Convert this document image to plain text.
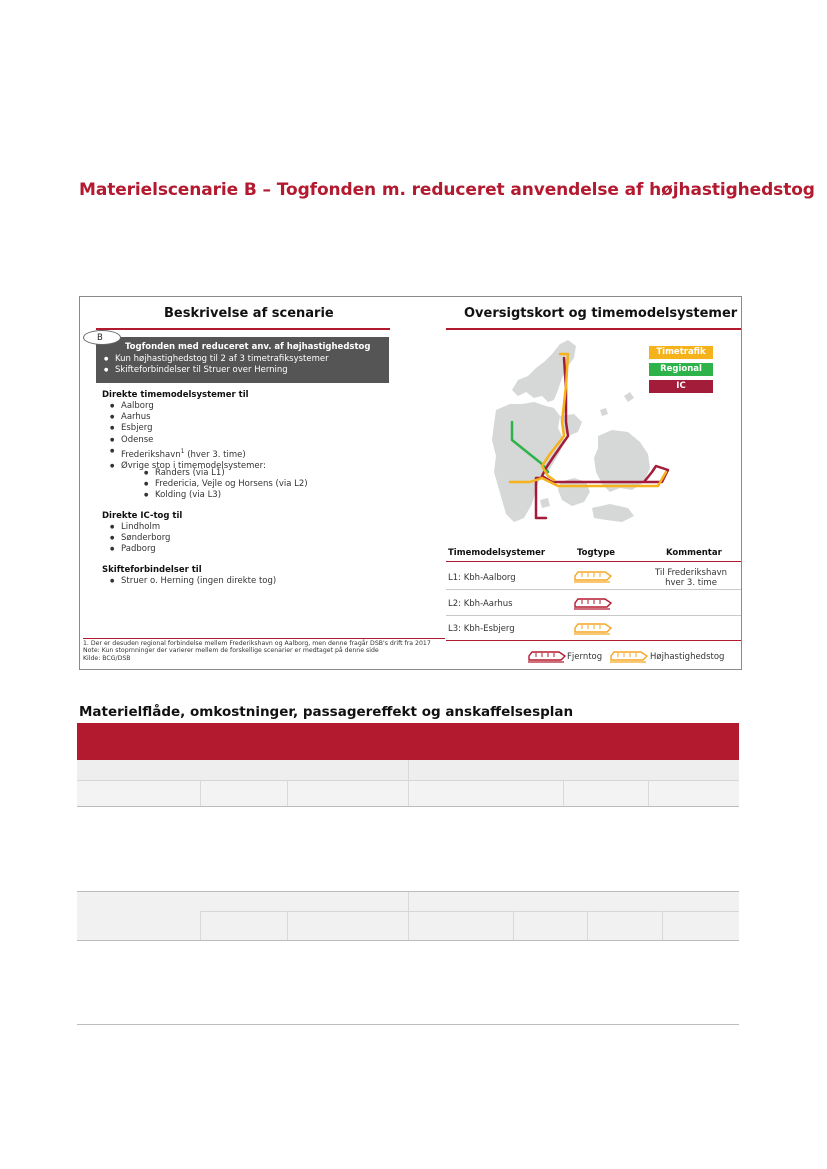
Materielscenarie B – Togfonden m. reduceret anvendelse af højhastighedstog
Beskrivelse af scenarie
Togfonden med reduceret anv. af højhastighedstog
● Kun højhastighedstog til 2 af 3 timetrafiksystemer
● Skifteforbindelser til Struer over Herning
B
Direkte timemodelsystemer til
● Aalborg
● Aarhus
● Esbjerg
● Odense
● Frederikshavn$^1$ (hver 3. time)
● Øvrige stop i timemodelsystemer:
● Randers (via L1)
● Fredericia, Vejle og Horsens (via L2)
● Kolding (via L3)
Direkte IC-tog til
● Lindholm
● Sønderborg
● Padborg
Skifteforbindelser til
● Struer o. Herning (ingen direkte tog)
1. Der er desuden regional forbindelse mellem Frederikshavn og Aalborg, men denne fragår DSB's drift fra 2017
Note: Kun stoprnninger der varierer mellem de forskellige scenarier er medtaget på denne side
Kilde: BCG/DSB
Oversigtskort og timemodelsystemer
Timetrafik
Regional
IC
Timemodelsystemer	Togtype	Kommentar
L1: Kbh-Aalborg	Til Frederikshavn
hver 3. time
L2: Kbh-Aarhus
L3: Kbh-Esbjerg
Fjerntog	Højhastighedstog
Materielflåde, omkostninger, passagereffekt og anskaffelsesplan
